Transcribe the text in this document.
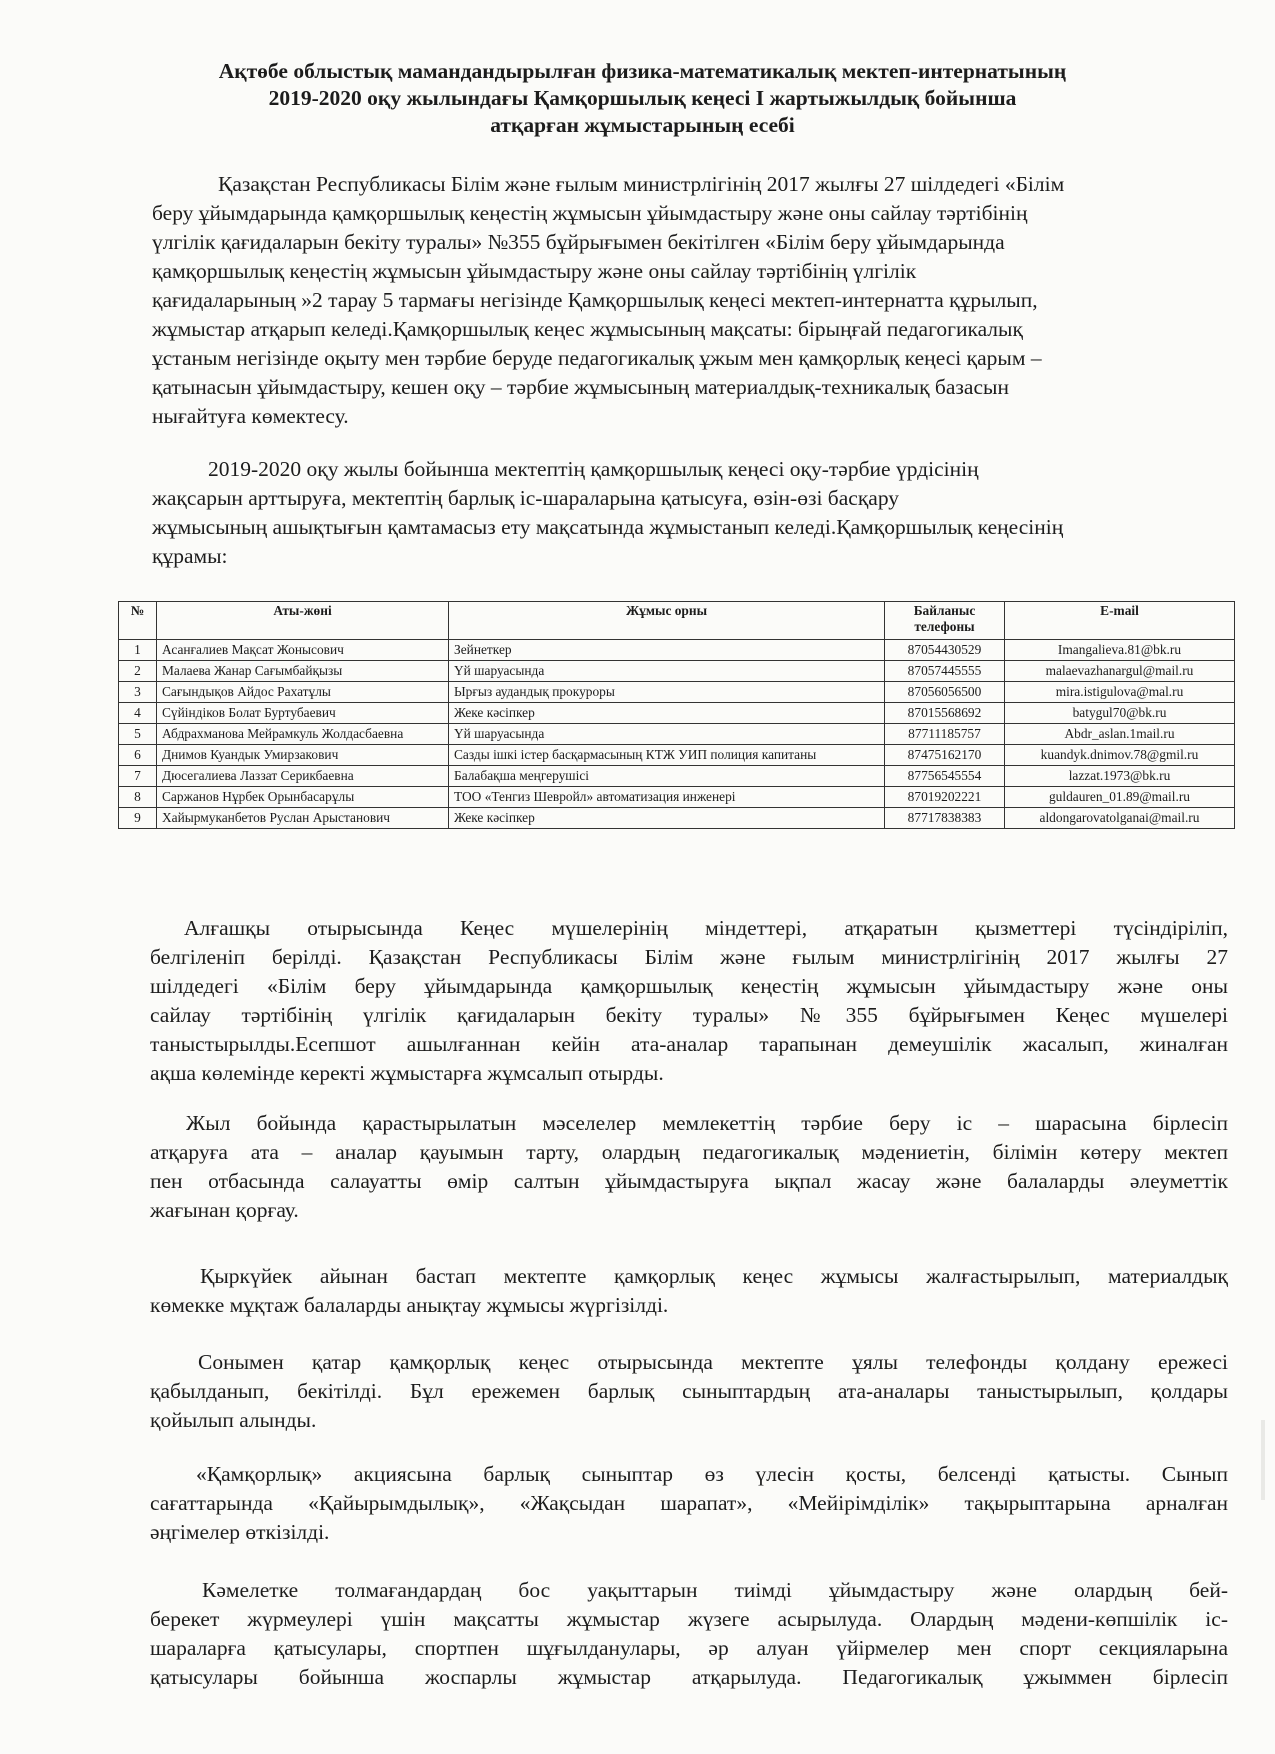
Ақтөбе облыстық мамандандырылған физика-математикалық мектеп-интернатының
2019-2020 оқу жылындағы Қамқоршылық кеңесі І жартыжылдық бойынша
атқарған жұмыстарының есебі
Қазақстан Республикасы Білім және ғылым министрлігінің 2017 жылғы 27 шілдедегі «Білім
беру ұйымдарында қамқоршылық кеңестің жұмысын ұйымдастыру және оны сайлау тәртібінің
үлгілік қағидаларын бекіту туралы» №355 бұйрығымен бекітілген «Білім беру ұйымдарында
қамқоршылық кеңестің жұмысын ұйымдастыру және оны сайлау тәртібінің үлгілік
қағидаларының »2 тарау 5 тармағы негізінде Қамқоршылық кеңесі мектеп-интернатта құрылып,
жұмыстар атқарып келеді.Қамқоршылық кеңес жұмысының мақсаты: бірыңғай педагогикалық
ұстаным негізінде оқыту мен тәрбие беруде педагогикалық ұжым мен қамқорлық кеңесі қарым –
қатынасын ұйымдастыру, кешен оқу – тәрбие жұмысының материалдық-техникалық базасын
нығайтуға көмектесу.
2019-2020 оқу жылы бойынша мектептің қамқоршылық кеңесі оқу-тәрбие үрдісінің
жақсарын арттыруға, мектептің барлық іс-шараларына қатысуға, өзін-өзі басқару
жұмысының ашықтығын қамтамасыз ету мақсатында жұмыстанып келеді.Қамқоршылық кеңесінің
құрамы:
№	Аты-жөні	Жұмыс орны	Байланыс телефоны	E-mail
1	Асанғалиев Мақсат Жонысович	Зейнеткер	87054430529	Imangalieva.81@bk.ru
2	Малаева Жанар Сағымбайқызы	Үй шаруасында	87057445555	malaevazhanargul@mail.ru
3	Сағындықов Айдос Рахатұлы	Ырғыз аудандық прокуроры	87056056500	mira.istigulova@mal.ru
4	Сүйіндіков Болат Буртубаевич	Жеке кәсіпкер	87015568692	batygul70@bk.ru
5	Абдрахманова Мейрамкуль Жолдасбаевна	Үй шаруасында	87711185757	Abdr_aslan.1mail.ru
6	Днимов Куандык Умирзакович	Сазды ішкі істер басқармасының КТЖ УИП полиция капитаны	87475162170	kuandyk.dnimov.78@gmil.ru
7	Дюсегалиева Лаззат Серикбаевна	Балабақша меңгерушісі	87756545554	lazzat.1973@bk.ru
8	Саржанов Нұрбек Орынбасарұлы	ТОО «Тенгиз Шевройл» автоматизация инженері	87019202221	guldauren_01.89@mail.ru
9	Хайырмуканбетов Руслан Арыстанович	Жеке кәсіпкер	87717838383	aldongarovatolganai@mail.ru
Алғашқы отырысында Кеңес мүшелерінің міндеттері, атқаратын қызметтері түсіндіріліп,
белгіленіп берілді. Қазақстан Республикасы Білім және ғылым министрлігінің 2017 жылғы 27
шілдедегі «Білім беру ұйымдарында қамқоршылық кеңестің жұмысын ұйымдастыру және оны
сайлау тәртібінің үлгілік қағидаларын бекіту туралы» №355 бұйрығымен Кеңес мүшелері
таныстырылды.Есепшот ашылғаннан кейін ата-аналар тарапынан демеушілік жасалып, жиналған
ақша көлемінде керекті жұмыстарға жұмсалып отырды.
Жыл бойында қарастырылатын мәселелер мемлекеттің тәрбие беру іс – шарасына бірлесіп
атқаруға ата – аналар қауымын тарту, олардың педагогикалық мәдениетін, білімін көтеру мектеп
пен отбасында салауатты өмір салтын ұйымдастыруға ықпал жасау және балаларды әлеуметтік
жағынан қорғау.
Қыркүйек айынан бастап мектепте қамқорлық кеңес жұмысы жалғастырылып, материалдық
көмекке мұқтаж балаларды анықтау жұмысы жүргізілді.
Сонымен қатар қамқорлық кеңес отырысында мектепте ұялы телефонды қолдану ережесі
қабылданып, бекітілді. Бұл ережемен барлық сыныптардың ата-аналары таныстырылып, қолдары
қойылып алынды.
«Қамқорлық» акциясына барлық сыныптар өз үлесін қосты, белсенді қатысты. Сынып
сағаттарында «Қайырымдылық», «Жақсыдан шарапат», «Мейірімділік» тақырыптарына арналған
әңгімелер өткізілді.
Кәмелетке толмағандардаң бос уақыттарын тиімді ұйымдастыру және олардың бей-
берекет жүрмеулері үшін мақсатты жұмыстар жүзеге асырылуда. Олардың мәдени-көпшілік іс-
шараларға қатысулары, спортпен шұғылданулары, әр алуан үйірмелер мен спорт секцияларына
қатысулары бойынша жоспарлы жұмыстар атқарылуда. Педагогикалық ұжыммен бірлесіп
